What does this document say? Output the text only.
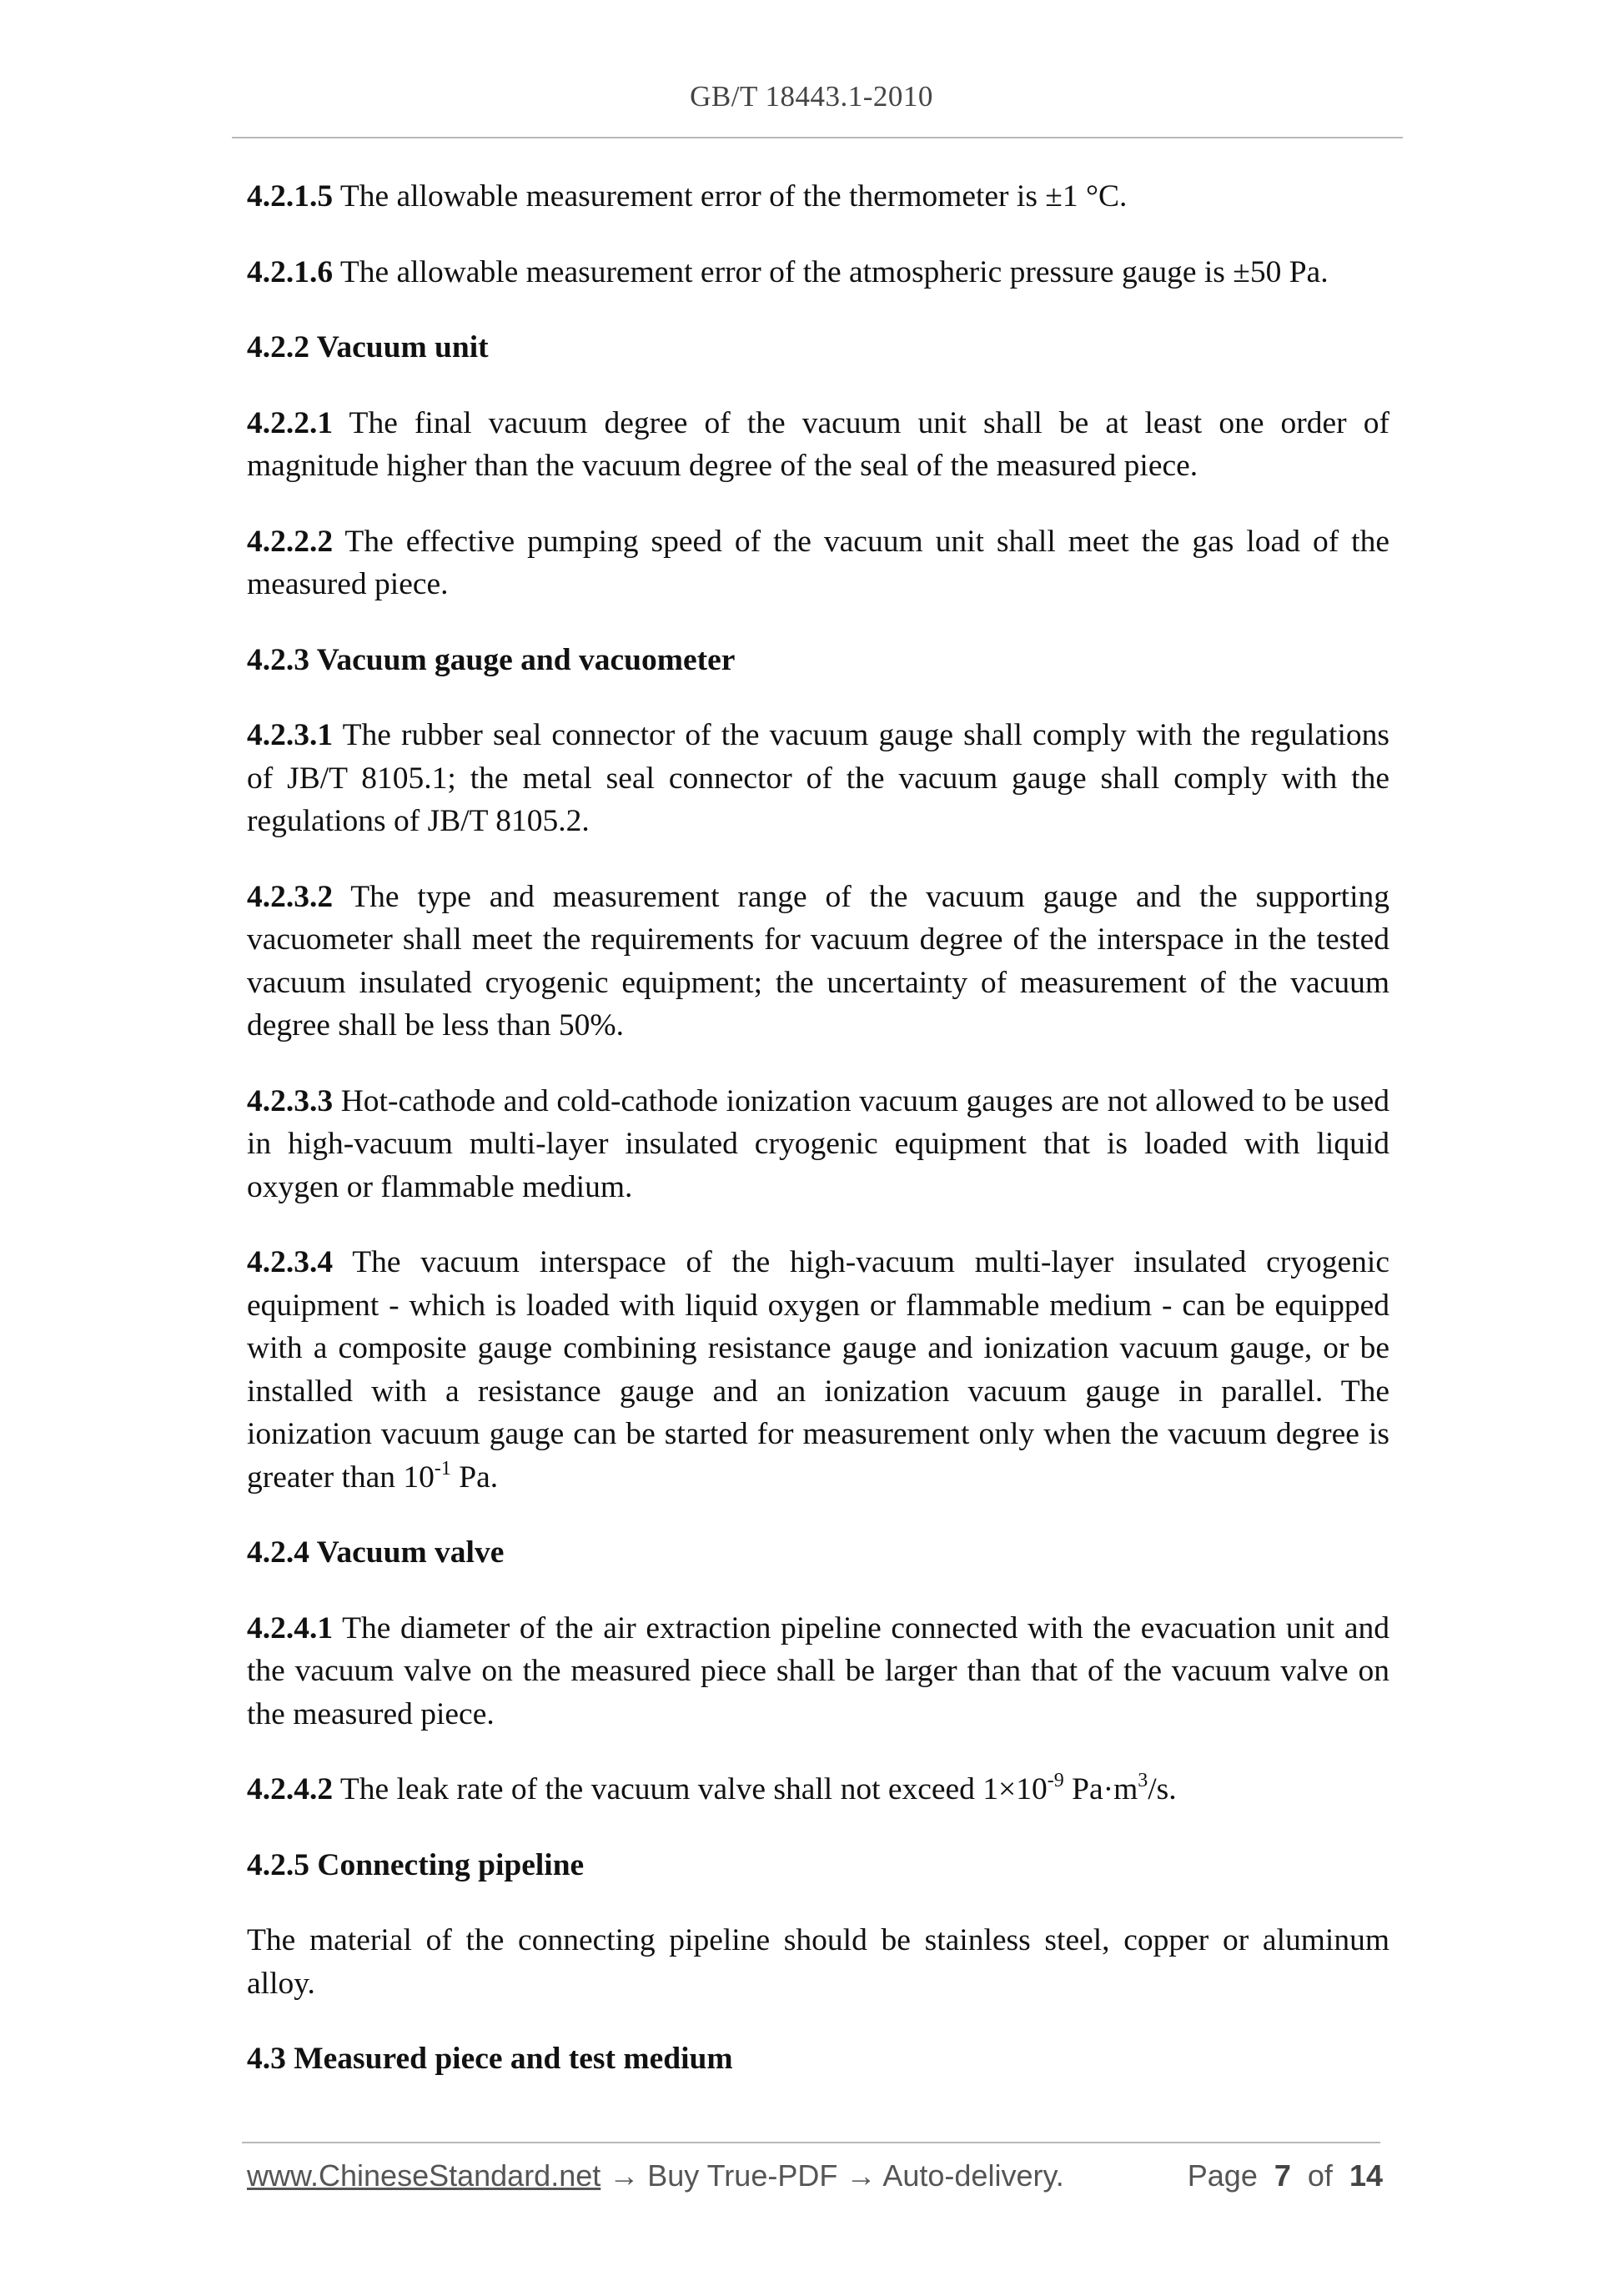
GB/T 18443.1-2010

4.2.1.5 The allowable measurement error of the thermometer is ±1 °C.

4.2.1.6 The allowable measurement error of the atmospheric pressure gauge is ±50 Pa.

4.2.2 Vacuum unit

4.2.2.1 The final vacuum degree of the vacuum unit shall be at least one order of magnitude higher than the vacuum degree of the seal of the measured piece.

4.2.2.2 The effective pumping speed of the vacuum unit shall meet the gas load of the measured piece.

4.2.3 Vacuum gauge and vacuometer

4.2.3.1 The rubber seal connector of the vacuum gauge shall comply with the regulations of JB/T 8105.1; the metal seal connector of the vacuum gauge shall comply with the regulations of JB/T 8105.2.

4.2.3.2 The type and measurement range of the vacuum gauge and the supporting vacuometer shall meet the requirements for vacuum degree of the interspace in the tested vacuum insulated cryogenic equipment; the uncertainty of measurement of the vacuum degree shall be less than 50%.

4.2.3.3 Hot-cathode and cold-cathode ionization vacuum gauges are not allowed to be used in high-vacuum multi-layer insulated cryogenic equipment that is loaded with liquid oxygen or flammable medium.

4.2.3.4 The vacuum interspace of the high-vacuum multi-layer insulated cryogenic equipment - which is loaded with liquid oxygen or flammable medium - can be equipped with a composite gauge combining resistance gauge and ionization vacuum gauge, or be installed with a resistance gauge and an ionization vacuum gauge in parallel. The ionization vacuum gauge can be started for measurement only when the vacuum degree is greater than $10^{-1}$ Pa.

4.2.4 Vacuum valve

4.2.4.1 The diameter of the air extraction pipeline connected with the evacuation unit and the vacuum valve on the measured piece shall be larger than that of the vacuum valve on the measured piece.

4.2.4.2 The leak rate of the vacuum valve shall not exceed $1\times 10^{-9}$ $Pa\cdot m^3/s$.

4.2.5 Connecting pipeline

The material of the connecting pipeline should be stainless steel, copper or aluminum alloy.

4.3 Measured piece and test medium

www.ChineseStandard.net → Buy True-PDF → Auto-delivery.	Page 7 of 14
